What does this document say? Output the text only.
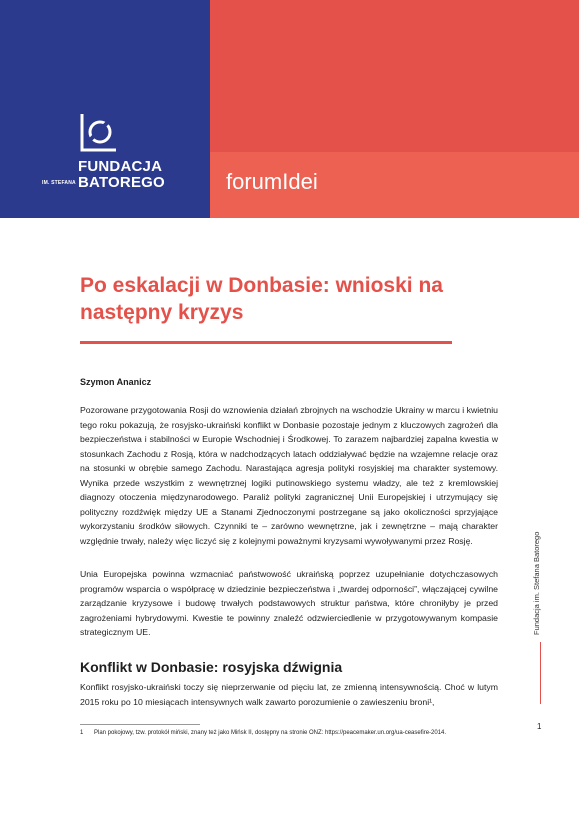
FUNDACJA
IM. STEFANA BATOREGO	forumIdei
Po eskalacji w Donbasie: wnioski na następny kryzys
Szymon Ananicz
Pozorowane przygotowania Rosji do wznowienia działań zbrojnych na wschodzie Ukrainy w marcu i kwietniu tego roku pokazują, że rosyjsko-ukraiński konflikt w Donbasie pozostaje jednym z kluczowych zagrożeń dla bezpieczeństwa i stabilności w Europie Wschodniej i Środkowej. To zarazem najbardziej zapalna kwestia w stosunkach Zachodu z Rosją, która w nadchodzących latach oddziaływać będzie na wzajemne relacje oraz na stosunki w obrębie samego Zachodu. Narastająca agresja polityki rosyjskiej ma charakter systemowy. Wynika przede wszystkim z wewnętrznej logiki putinowskiego systemu władzy, ale też z kremlowskiej diagnozy otoczenia międzynarodowego. Paraliż polityki zagranicznej Unii Europejskiej i utrzymujący się polityczny rozdźwięk między UE a Stanami Zjednoczonymi postrzegane są jako okoliczności sprzyjające wykorzystaniu środków siłowych. Czynniki te – zarówno wewnętrzne, jak i zewnętrzne – mają charakter względnie trwały, należy więc liczyć się z kolejnymi poważnymi kryzysami wywoływanymi przez Rosję.
Unia Europejska powinna wzmacniać państwowość ukraińską poprzez uzupełnianie dotychczasowych programów wsparcia o współpracę w dziedzinie bezpieczeństwa i „twardej odporności”, włączającej cywilne zarządzanie kryzysowe i budowę trwałych podstawowych struktur państwa, które chroniłyby je przed zagrożeniami hybrydowymi. Kwestie te powinny znaleźć odzwierciedlenie w przygotowywanym kompasie strategicznym UE.
Konflikt w Donbasie: rosyjska dźwignia
Konflikt rosyjsko-ukraiński toczy się nieprzerwanie od pięciu lat, ze zmienną intensywnością. Choć w lutym 2015 roku po 10 miesiącach intensywnych walk zawarto porozumienie o zawieszeniu broni¹,
1 Plan pokojowy, tzw. protokół miński, znany też jako Mińsk II, dostępny na stronie ONZ: https://peacemaker.un.org/ua-ceasefire-2014.
Fundacja im. Stefana Batorego
1
